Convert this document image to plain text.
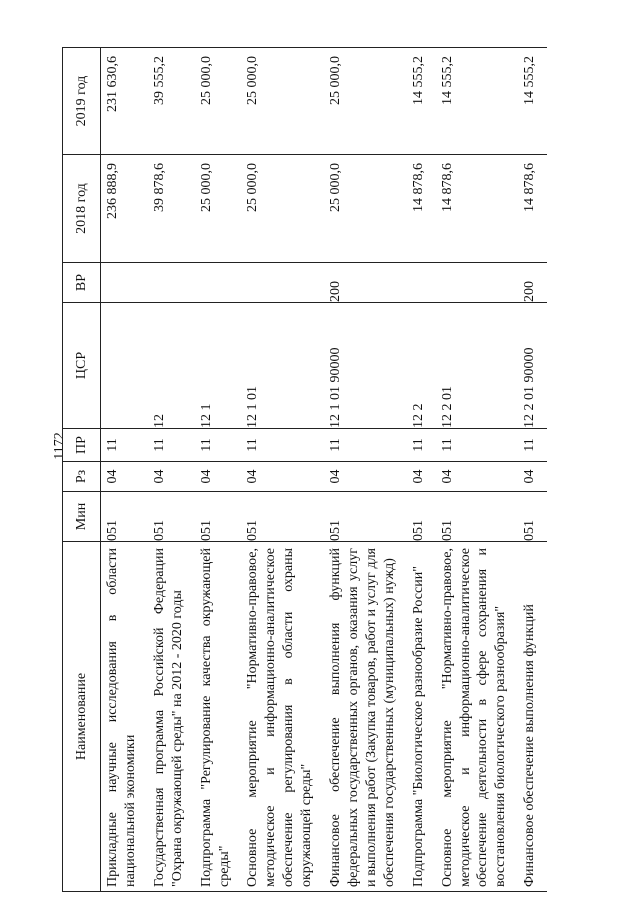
1172
Наименование	Мин	Рз	ПР	ЦСР	ВР	2018 год	2019 год
Прикладные научные исследования в области национальной экономики	051	04	11			236 888,9	231 630,6
Государственная программа Российской Федерации "Охрана окружающей среды" на 2012 - 2020 годы	051	04	11	12		39 878,6	39 555,2
Подпрограмма "Регулирование качества окружающей среды"	051	04	11	12 1		25 000,0	25 000,0
Основное мероприятие "Нормативно-правовое, методическое и информационно-аналитическое обеспечение регулирования в области охраны окружающей среды"	051	04	11	12 1 01		25 000,0	25 000,0
Финансовое обеспечение выполнения функций федеральных государственных органов, оказания услуг и выполнения работ (Закупка товаров, работ и услуг для обеспечения государственных (муниципальных) нужд)	051	04	11	12 1 01 90000	200	25 000,0	25 000,0
Подпрограмма "Биологическое разнообразие России"	051	04	11	12 2		14 878,6	14 555,2
Основное мероприятие "Нормативно-правовое, методическое и информационно-аналитическое обеспечение деятельности в сфере сохранения и восстановления биологического разнообразия"	051	04	11	12 2 01		14 878,6	14 555,2
Финансовое обеспечение выполнения функций	051	04	11	12 2 01 90000	200	14 878,6	14 555,2
